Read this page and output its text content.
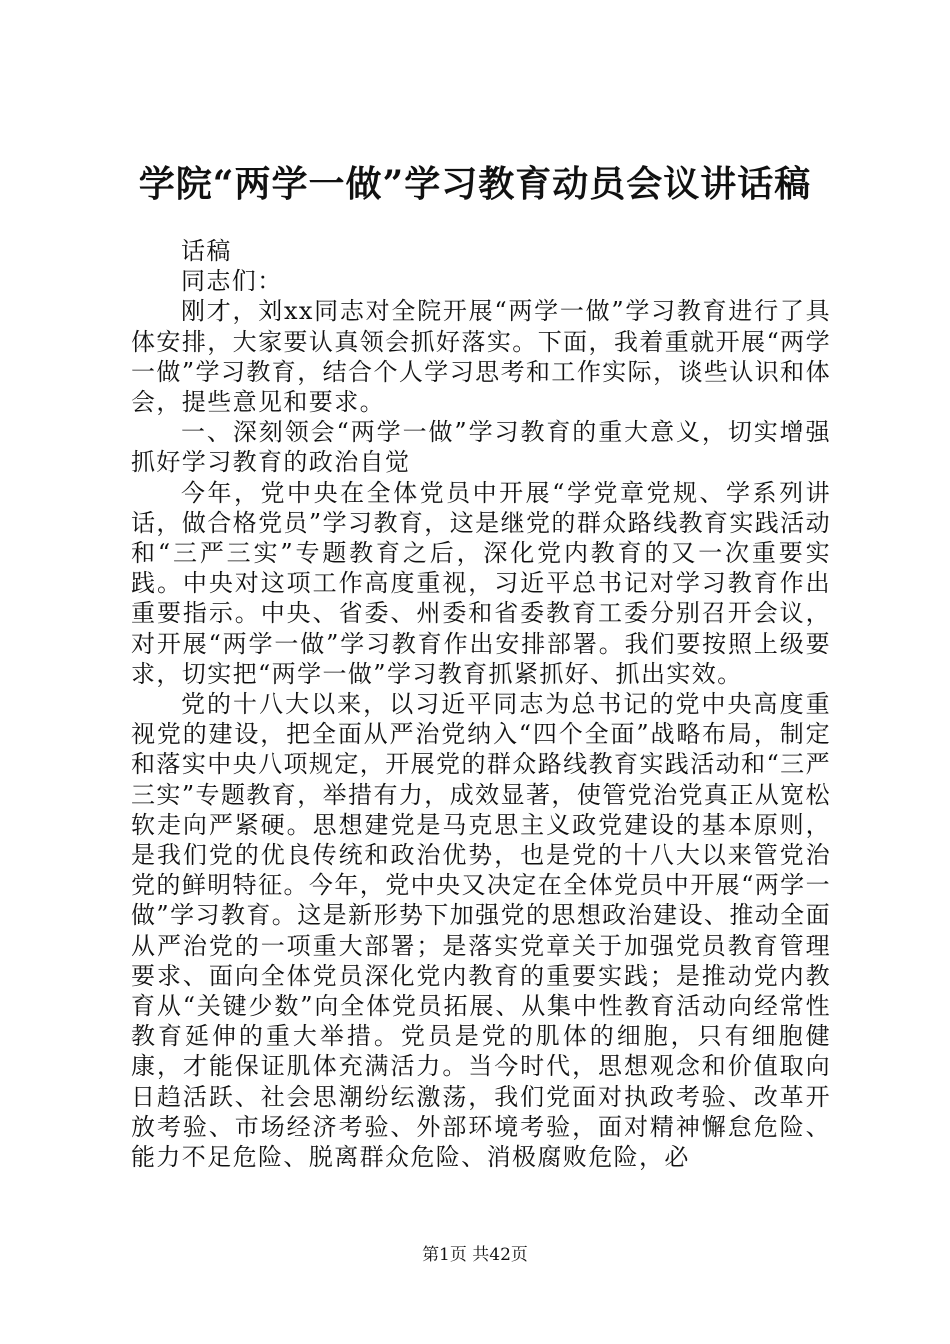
学院“两学一做”学习教育动员会议讲话稿

话稿

同志们：

刚才，刘xx同志对全院开展“两学一做”学习教育进行了具体安排，大家要认真领会抓好落实。下面，我着重就开展“两学一做”学习教育，结合个人学习思考和工作实际，谈些认识和体会，提些意见和要求。

一、深刻领会“两学一做”学习教育的重大意义，切实增强抓好学习教育的政治自觉

今年，党中央在全体党员中开展“学党章党规、学系列讲话，做合格党员”学习教育，这是继党的群众路线教育实践活动和“三严三实”专题教育之后，深化党内教育的又一次重要实践。中央对这项工作高度重视，习近平总书记对学习教育作出重要指示。中央、省委、州委和省委教育工委分别召开会议，对开展“两学一做”学习教育作出安排部署。我们要按照上级要求，切实把“两学一做”学习教育抓紧抓好、抓出实效。

党的十八大以来，以习近平同志为总书记的党中央高度重视党的建设，把全面从严治党纳入“四个全面”战略布局，制定和落实中央八项规定，开展党的群众路线教育实践活动和“三严三实”专题教育，举措有力，成效显著，使管党治党真正从宽松软走向严紧硬。思想建党是马克思主义政党建设的基本原则，是我们党的优良传统和政治优势，也是党的十八大以来管党治党的鲜明特征。今年，党中央又决定在全体党员中开展“两学一做”学习教育。这是新形势下加强党的思想政治建设、推动全面从严治党的一项重大部署；是落实党章关于加强党员教育管理要求、面向全体党员深化党内教育的重要实践；是推动党内教育从“关键少数”向全体党员拓展、从集中性教育活动向经常性教育延伸的重大举措。党员是党的肌体的细胞，只有细胞健康，才能保证肌体充满活力。当今时代，思想观念和价值取向日趋活跃、社会思潮纷纭激荡，我们党面对执政考验、改革开放考验、市场经济考验、外部环境考验，面对精神懈怠危险、能力不足危险、脱离群众危险、消极腐败危险，必

第1页 共42页
